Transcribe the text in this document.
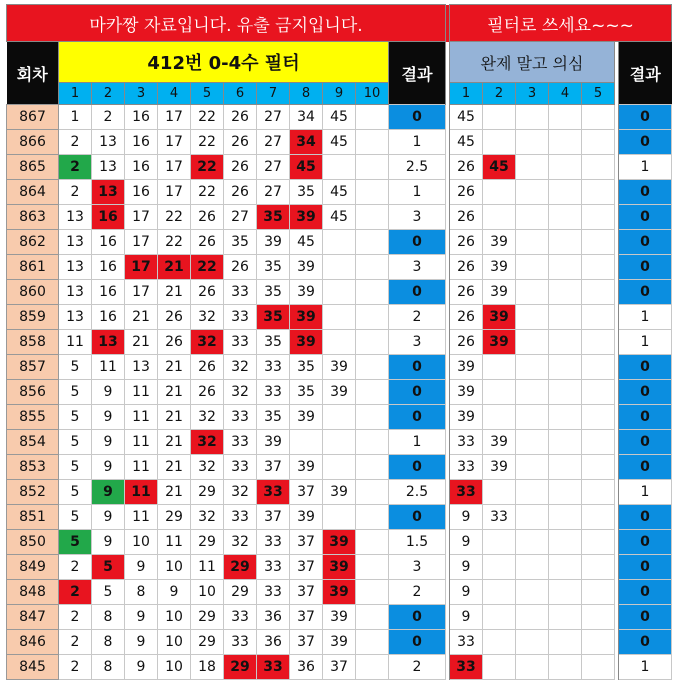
마카짱 자료입니다. 유출 금지입니다.													필터로 쓰세요~~~						
회차	412번 0-4수 필터										결과		완제 말고 의심						결과
	1	2	3	4	5	6	7	8	9	10			1	2	3	4	5		
867	1	2	16	17	22	26	27	34	45		0		45						0
866	2	13	16	17	22	26	27	34	45		1		45						0
865	2	13	16	17	22	26	27	45			2.5		26	45					1
864	2	13	16	17	22	26	27	35	45		1		26						0
863	13	16	17	22	26	27	35	39	45		3		26						0
862	13	16	17	22	26	35	39	45			0		26	39					0
861	13	16	17	21	22	26	35	39			3		26	39					0
860	13	16	17	21	26	33	35	39			0		26	39					0
859	13	16	21	26	32	33	35	39			2		26	39					1
858	11	13	21	26	32	33	35	39			3		26	39					1
857	5	11	13	21	26	32	33	35	39		0		39						0
856	5	9	11	21	26	32	33	35	39		0		39						0
855	5	9	11	21	32	33	35	39			0		39						0
854	5	9	11	21	32	33	39				1		33	39					0
853	5	9	11	21	32	33	37	39			0		33	39					0
852	5	9	11	21	29	32	33	37	39		2.5		33						1
851	5	9	11	29	32	33	37	39			0		9	33					0
850	5	9	10	11	29	32	33	37	39		1.5		9						0
849	2	5	9	10	11	29	33	37	39		3		9						0
848	2	5	8	9	10	29	33	37	39		2		9						0
847	2	8	9	10	29	33	36	37	39		0		9						0
846	2	8	9	10	29	33	36	37	39		0		33						0
845	2	8	9	10	18	29	33	36	37		2		33						1
